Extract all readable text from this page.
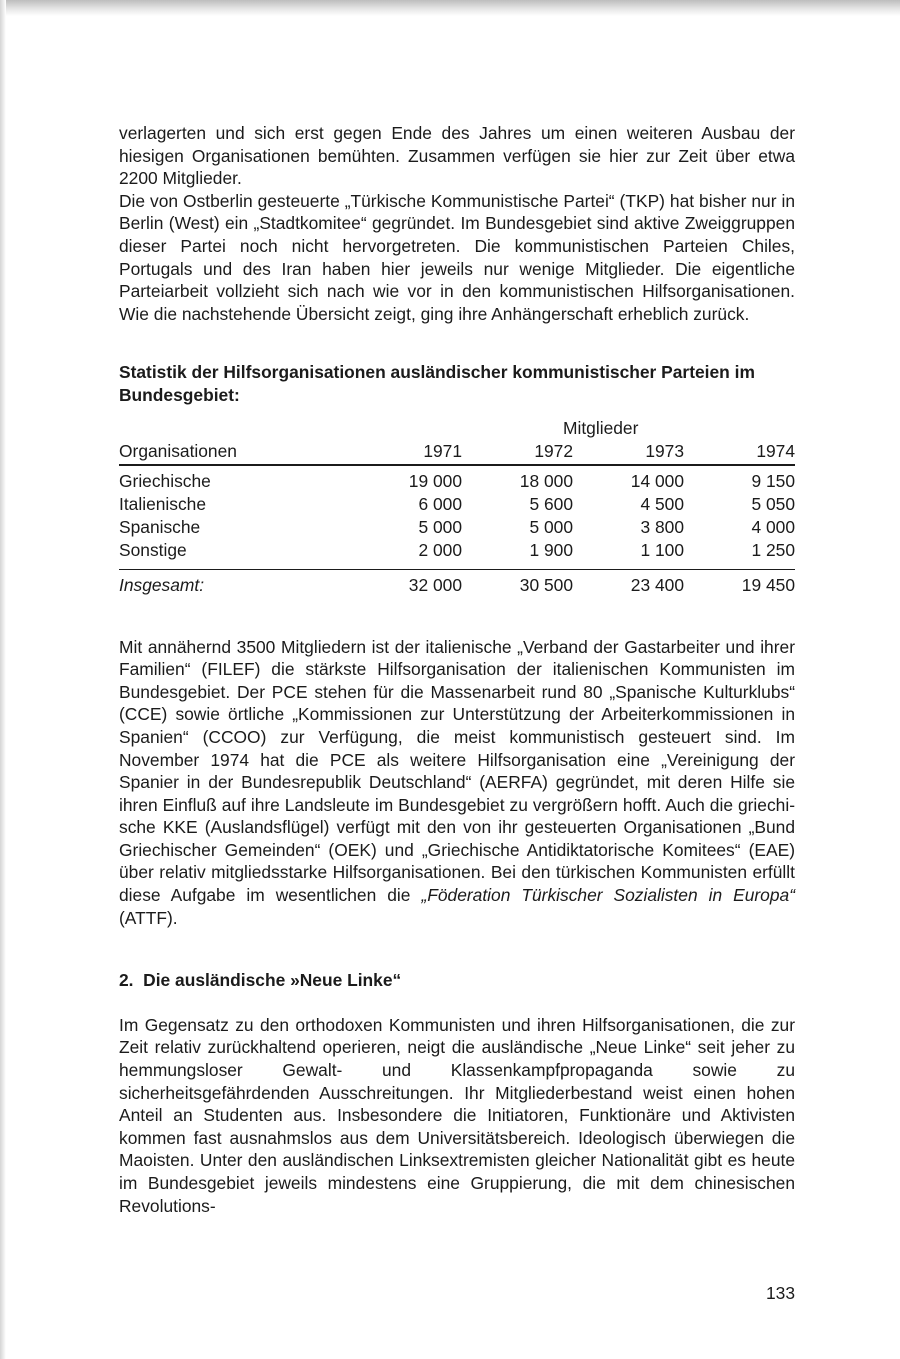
verlagerten und sich erst gegen Ende des Jahres um einen weiteren Ausbau der hiesigen Organisationen bemühten. Zusammen verfügen sie hier zur Zeit über etwa 2200 Mitglieder.

Die von Ostberlin gesteuerte „Türkische Kommunistische Partei“ (TKP) hat bisher nur in Berlin (West) ein „Stadtkomitee“ gegründet. Im Bundesgebiet sind aktive Zweiggruppen dieser Partei noch nicht hervorgetreten. Die kommunistischen Parteien Chiles, Portugals und des Iran haben hier jeweils nur wenige Mitglieder. Die eigentliche Parteiarbeit vollzieht sich nach wie vor in den kommunistischen Hilfsorganisationen. Wie die nachstehende Übersicht zeigt, ging ihre Anhängerschaft erheblich zurück.

Statistik der Hilfsorganisationen ausländischer kommunistischer Parteien im Bundesgebiet:

Mitglieder
Organisationen	1971	1972	1973	1974
Griechische	19 000	18 000	14 000	9 150
Italienische	6 000	5 600	4 500	5 050
Spanische	5 000	5 000	3 800	4 000
Sonstige	2 000	1 900	1 100	1 250
Insgesamt:	32 000	30 500	23 400	19 450

Mit annähernd 3500 Mitgliedern ist der italienische „Verband der Gastarbeiter und ihrer Familien“ (FILEF) die stärkste Hilfsorganisation der italienischen Kommunisten im Bundesgebiet. Der PCE stehen für die Massenarbeit rund 80 „Spanische Kulturklubs“ (CCE) sowie örtliche „Kommissionen zur Unterstützung der Arbeiterkommissionen in Spanien“ (CCOO) zur Verfügung, die meist kommunistisch gesteuert sind. Im November 1974 hat die PCE als weitere Hilfsorganisation eine „Vereinigung der Spanier in der Bundesrepublik Deutschland“ (AERFA) gegründet, mit deren Hilfe sie ihren Einfluß auf ihre Landsleute im Bundesgebiet zu vergrößern hofft. Auch die griechische KKE (Auslandsflügel) verfügt mit den von ihr gesteuerten Organisationen „Bund Griechischer Gemeinden“ (OEK) und „Griechische Antidiktatorische Komitees“ (EAE) über relativ mitgliedsstarke Hilfsorganisationen. Bei den türkischen Kommunisten erfüllt diese Aufgabe im wesentlichen die „Föderation Türkischer Sozialisten in Europa“ (ATTF).

2.  Die ausländische »Neue Linke“

Im Gegensatz zu den orthodoxen Kommunisten und ihren Hilfsorganisationen, die zur Zeit relativ zurückhaltend operieren, neigt die ausländische „Neue Linke“ seit jeher zu hemmungsloser Gewalt- und Klassenkampfpropaganda sowie zu sicherheitsgefährdenden Ausschreitungen. Ihr Mitgliederbestand weist einen hohen Anteil an Studenten aus. Insbesondere die Initiatoren, Funktionäre und Aktivisten kommen fast ausnahmslos aus dem Universitätsbereich. Ideologisch überwiegen die Maoisten. Unter den ausländischen Linksextremisten gleicher Nationalität gibt es heute im Bundesgebiet jeweils mindestens eine Gruppierung, die mit dem chinesischen Revolutions-

133
